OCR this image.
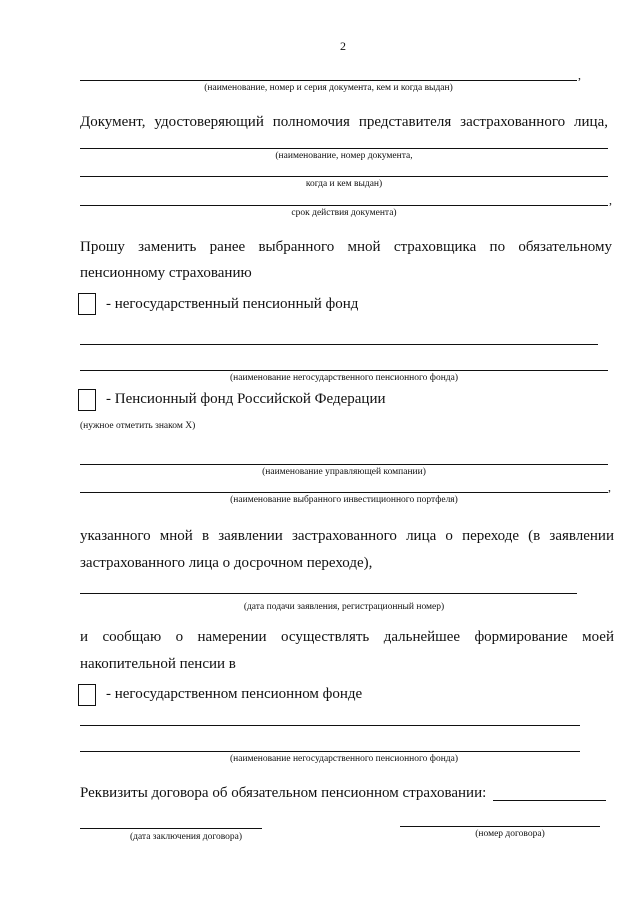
2
,
(наименование, номер и серия документа, кем и когда выдан)
Документ, удостоверяющий полномочия представителя застрахованного лица,
(наименование, номер документа,
когда и кем выдан)
,
срок действия документа)
Прошу заменить ранее выбранного мной страховщика по обязательному
пенсионному страхованию
- негосударственный пенсионный фонд
(наименование негосударственного пенсионного фонда)
- Пенсионный фонд Российской Федерации
(нужное отметить знаком Х)
(наименование управляющей компании)
,
(наименование выбранного инвестиционного портфеля)
указанного мной в заявлении застрахованного лица о переходе (в заявлении
застрахованного лица о досрочном переходе),
(дата подачи заявления, регистрационный номер)
и сообщаю о намерении осуществлять дальнейшее формирование моей
накопительной пенсии в
- негосударственном пенсионном фонде
(наименование негосударственного пенсионного фонда)
Реквизиты договора об обязательном пенсионном страховании:
(дата заключения договора)	(номер договора)
